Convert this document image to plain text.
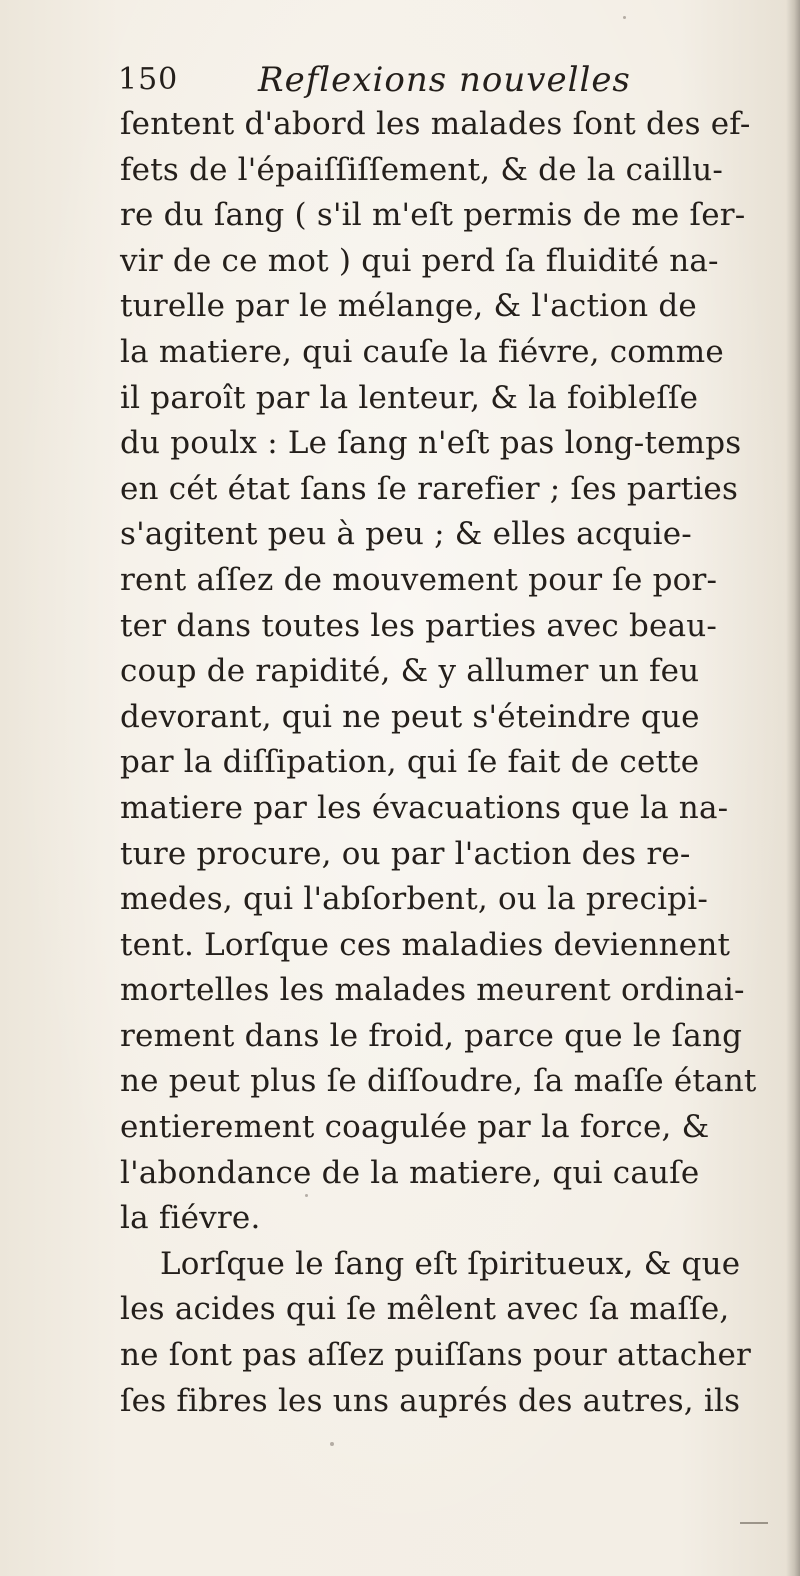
150 Reflexions nouvelles
ſentent d'abord les malades ſont des ef-
fets de l'épaiſſiſſement, & de la caillu-
re du ſang ( s'il m'eſt permis de me ſer-
vir de ce mot ) qui perd ſa fluidité na-
turelle par le mélange, & l'action de
la matiere, qui cauſe la fiévre, comme
il paroît par la lenteur, & la foibleſſe
du poulx : Le ſang n'eſt pas long-temps
en cét état ſans ſe rarefier ; ſes parties
s'agitent peu à peu ; & elles acquie-
rent aſſez de mouvement pour ſe por-
ter dans toutes les parties avec beau-
coup de rapidité, & y allumer un feu
devorant, qui ne peut s'éteindre que
par la diſſipation, qui ſe fait de cette
matiere par les évacuations que la na-
ture procure, ou par l'action des re-
medes, qui l'abſorbent, ou la precipi-
tent. Lorſque ces maladies deviennent
mortelles les malades meurent ordinai-
rement dans le froid, parce que le ſang
ne peut plus ſe diſſoudre, ſa maſſe étant
entierement coagulée par la force, &
l'abondance de la matiere, qui cauſe
la fiévre.
Lorſque le ſang eſt ſpiritueux, & que
les acides qui ſe mêlent avec ſa maſſe,
ne ſont pas aſſez puiſſans pour attacher
ſes fibres les uns auprés des autres, ils
